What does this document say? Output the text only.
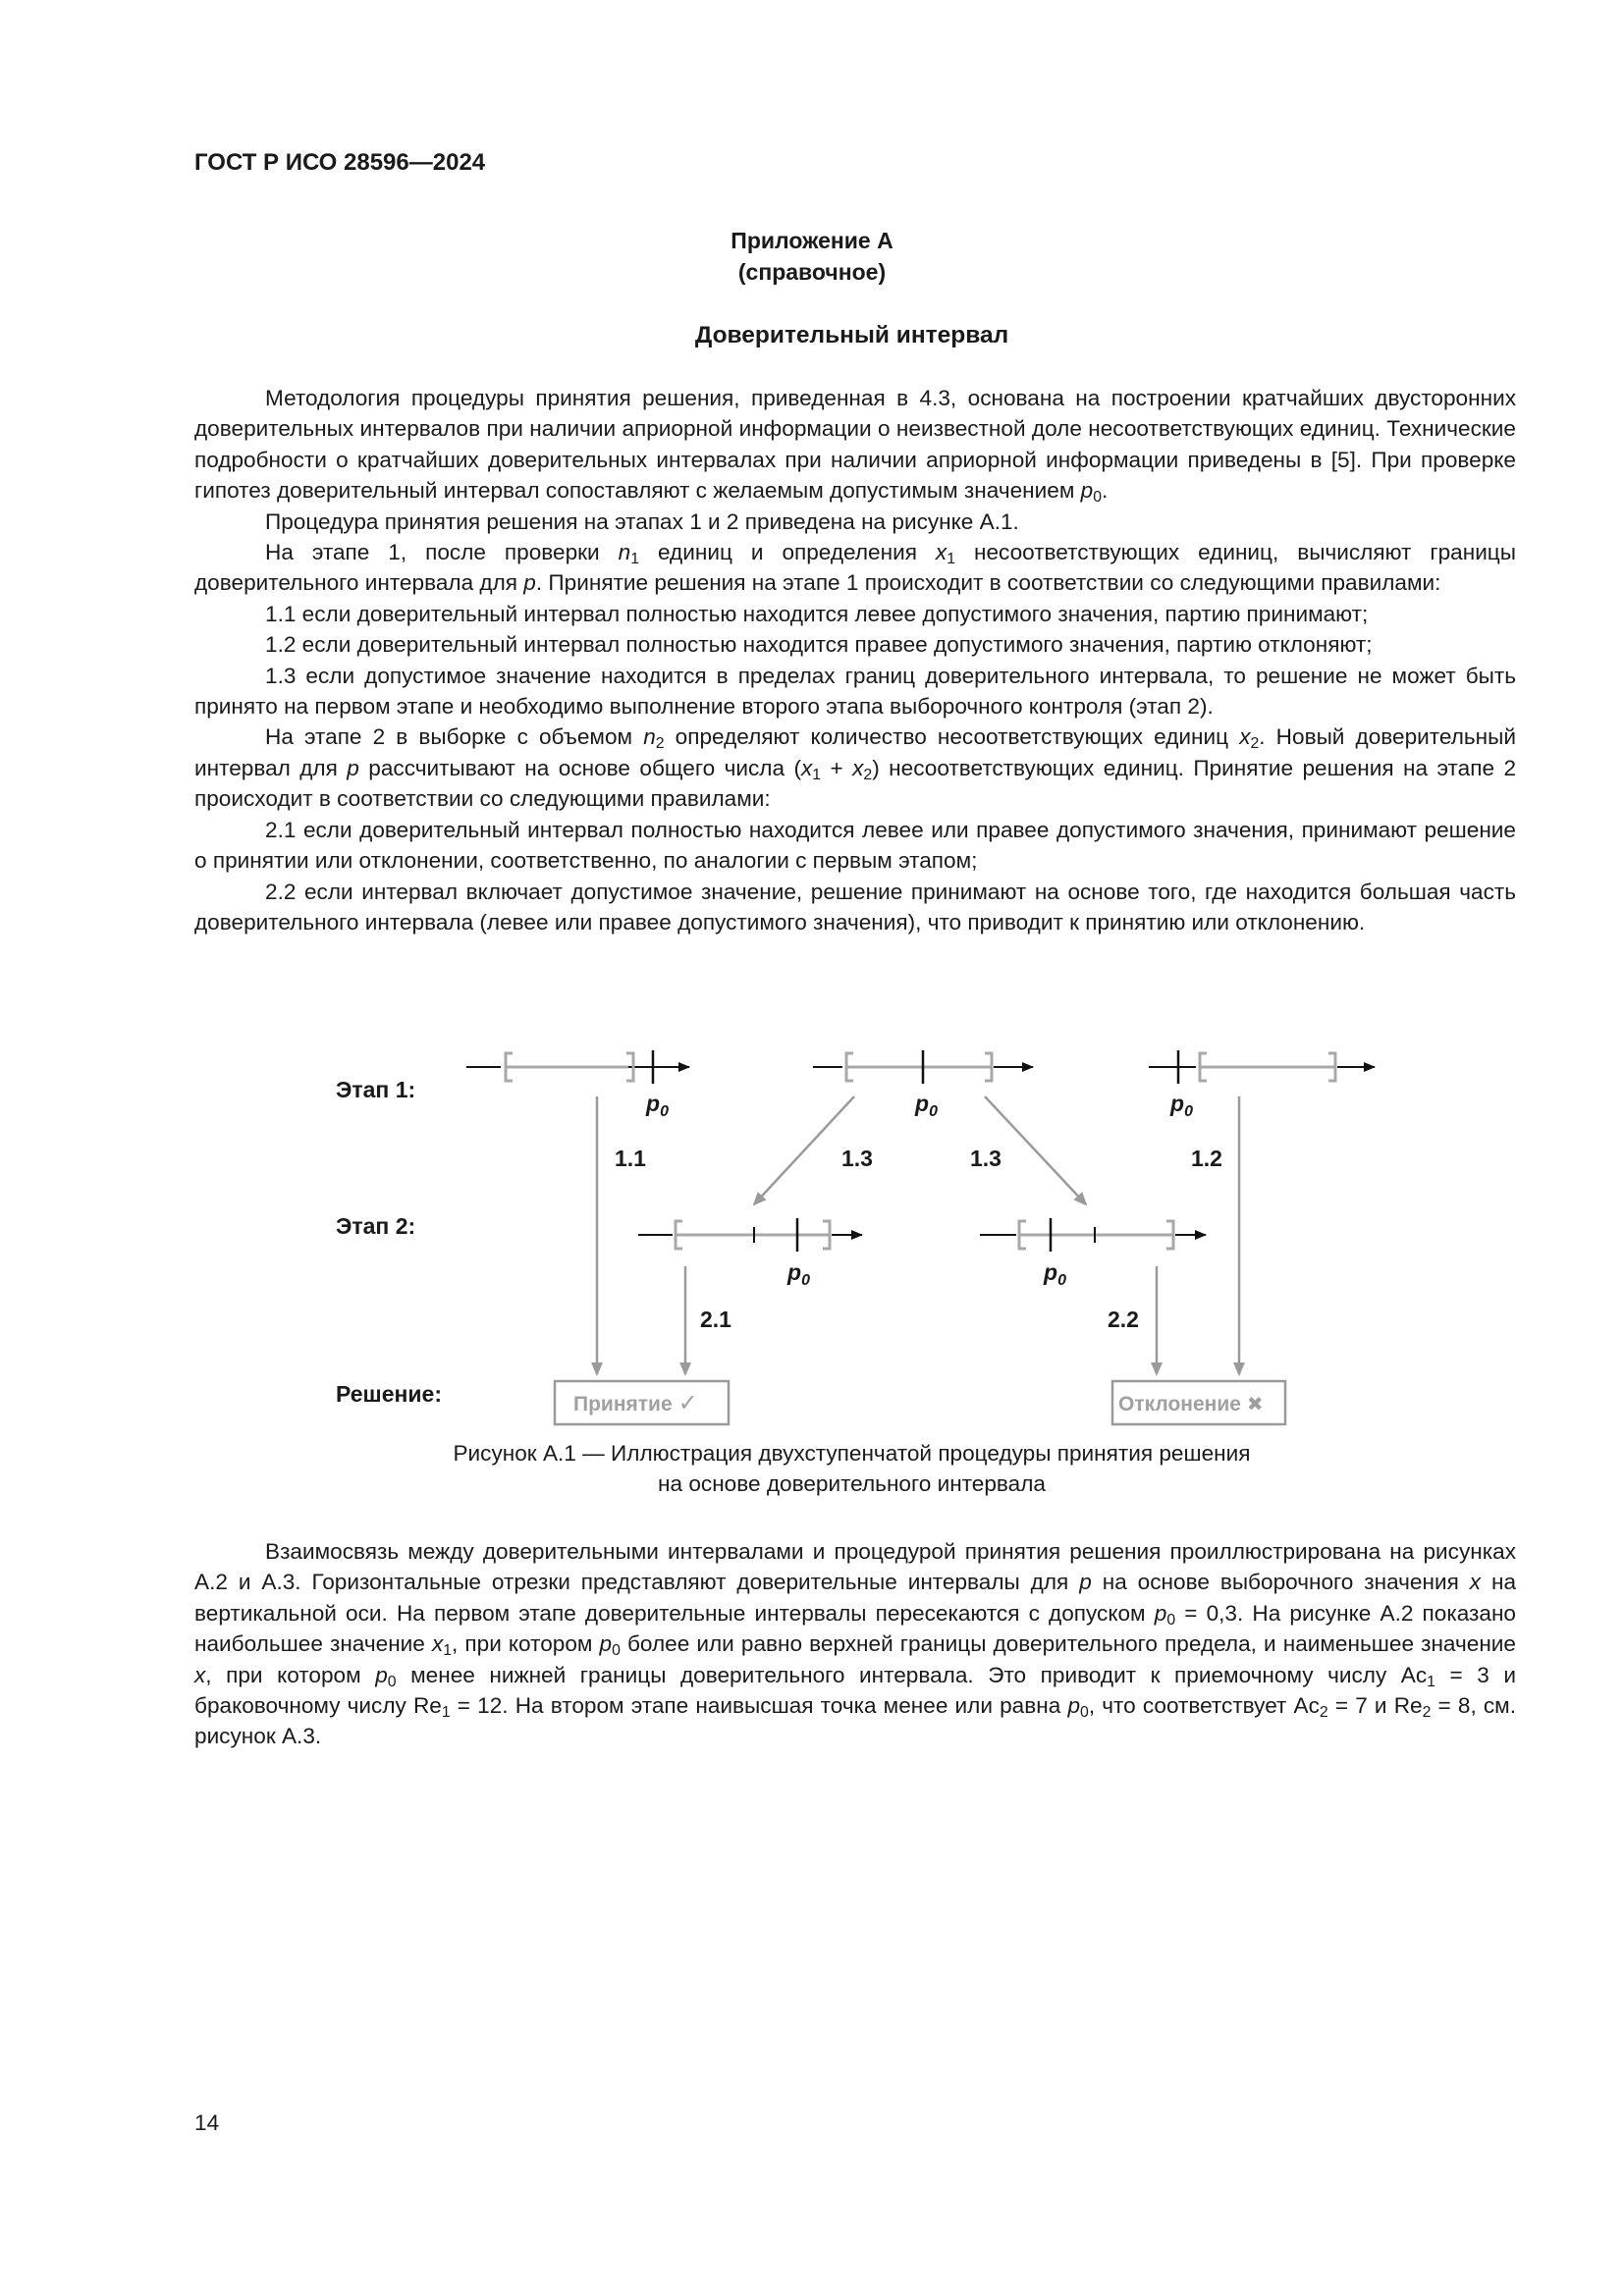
ГОСТ Р ИСО 28596—2024
Приложение А
(справочное)
Доверительный интервал

Методология процедуры принятия решения, приведенная в 4.3, основана на построении кратчайших двусторонних доверительных интервалов при наличии априорной информации о неизвестной доле несоответствующих единиц. Технические подробности о кратчайших доверительных интервалах при наличии априорной информации приведены в [5]. При проверке гипотез доверительный интервал сопоставляют с желаемым допустимым значением $p_0$.

Процедура принятия решения на этапах 1 и 2 приведена на рисунке А.1.

На этапе 1, после проверки $n_1$ единиц и определения $x_1$ несоответствующих единиц, вычисляют границы доверительного интервала для p. Принятие решения на этапе 1 происходит в соответствии со следующими правилами:

1.1 если доверительный интервал полностью находится левее допустимого значения, партию принимают;

1.2 если доверительный интервал полностью находится правее допустимого значения, партию отклоняют;

1.3 если допустимое значение находится в пределах границ доверительного интервала, то решение не может быть принято на первом этапе и необходимо выполнение второго этапа выборочного контроля (этап 2).

На этапе 2 в выборке с объемом $n_2$ определяют количество несоответствующих единиц $x_2$. Новый доверительный интервал для p рассчитывают на основе общего числа $(x_1 + x_2)$ несоответствующих единиц. Принятие решения на этапе 2 происходит в соответствии со следующими правилами:

2.1 если доверительный интервал полностью находится левее или правее допустимого значения, принимают решение о принятии или отклонении, соответственно, по аналогии с первым этапом;

2.2 если интервал включает допустимое значение, решение принимают на основе того, где находится большая часть доверительного интервала (левее или правее допустимого значения), что приводит к принятию или отклонению.

Этап 1:
Этап 2:
Решение:
$p_0$	$p_0$	$p_0$
$p_0$	$p_0$
1.1	1.3	1.3	1.2
2.1	2.2
Принятие ✓	Отклонение ✖
Рисунок А.1 — Иллюстрация двухступенчатой процедуры принятия решения
на основе доверительного интервала

Взаимосвязь между доверительными интервалами и процедурой принятия решения проиллюстрирована на рисунках А.2 и А.3. Горизонтальные отрезки представляют доверительные интервалы для p на основе выборочного значения x на вертикальной оси. На первом этапе доверительные интервалы пересекаются с допуском $p_0 = 0,3$. На рисунке А.2 показано наибольшее значение $x_1$, при котором $p_0$ более или равно верхней границы доверительного предела, и наименьшее значение x, при котором $p_0$ менее нижней границы доверительного интервала. Это приводит к приемочному числу $Ac_1 = 3$ и браковочному числу $Re_1 = 12$. На втором этапе наивысшая точка менее или равна $p_0$, что соответствует $Ac_2 = 7$ и $Re_2 = 8$, см. рисунок А.3.

14
